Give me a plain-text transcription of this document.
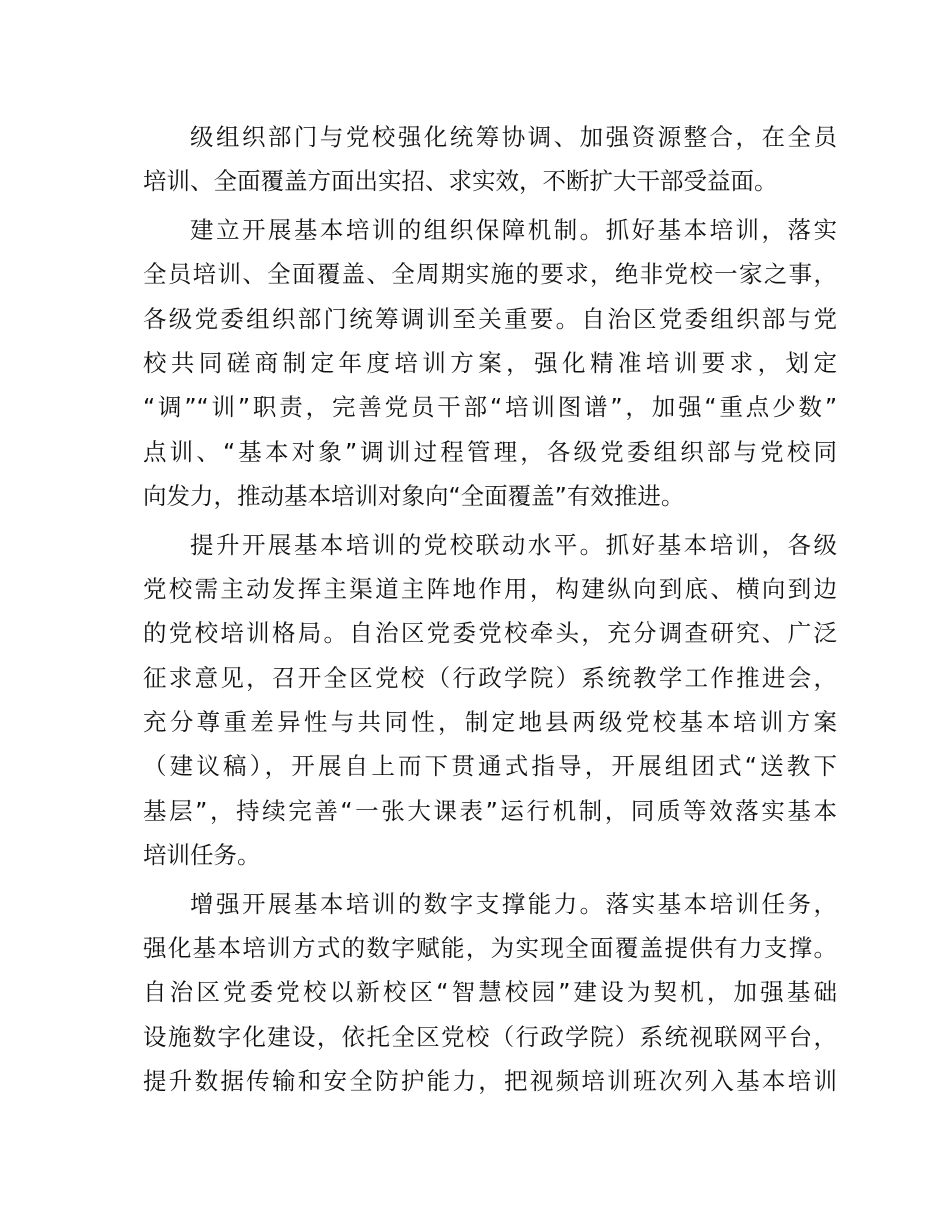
级组织部门与党校强化统筹协调、加强资源整合，在全员
培训、全面覆盖方面出实招、求实效，不断扩大干部受益面。
建立开展基本培训的组织保障机制。抓好基本培训，落实
全员培训、全面覆盖、全周期实施的要求，绝非党校一家之事，
各级党委组织部门统筹调训至关重要。自治区党委组织部与党
校共同磋商制定年度培训方案，强化精准培训要求，划定
“调”“训”职责，完善党员干部“培训图谱”，加强“重点少数”
点训、“基本对象”调训过程管理，各级党委组织部与党校同
向发力，推动基本培训对象向“全面覆盖”有效推进。
提升开展基本培训的党校联动水平。抓好基本培训，各级
党校需主动发挥主渠道主阵地作用，构建纵向到底、横向到边
的党校培训格局。自治区党委党校牵头，充分调查研究、广泛
征求意见，召开全区党校（行政学院）系统教学工作推进会，
充分尊重差异性与共同性，制定地县两级党校基本培训方案
（建议稿），开展自上而下贯通式指导，开展组团式“送教下
基层”，持续完善“一张大课表”运行机制，同质等效落实基本
培训任务。
增强开展基本培训的数字支撑能力。落实基本培训任务，
强化基本培训方式的数字赋能，为实现全面覆盖提供有力支撑。
自治区党委党校以新校区“智慧校园”建设为契机，加强基础
设施数字化建设，依托全区党校（行政学院）系统视联网平台，
提升数据传输和安全防护能力，把视频培训班次列入基本培训
